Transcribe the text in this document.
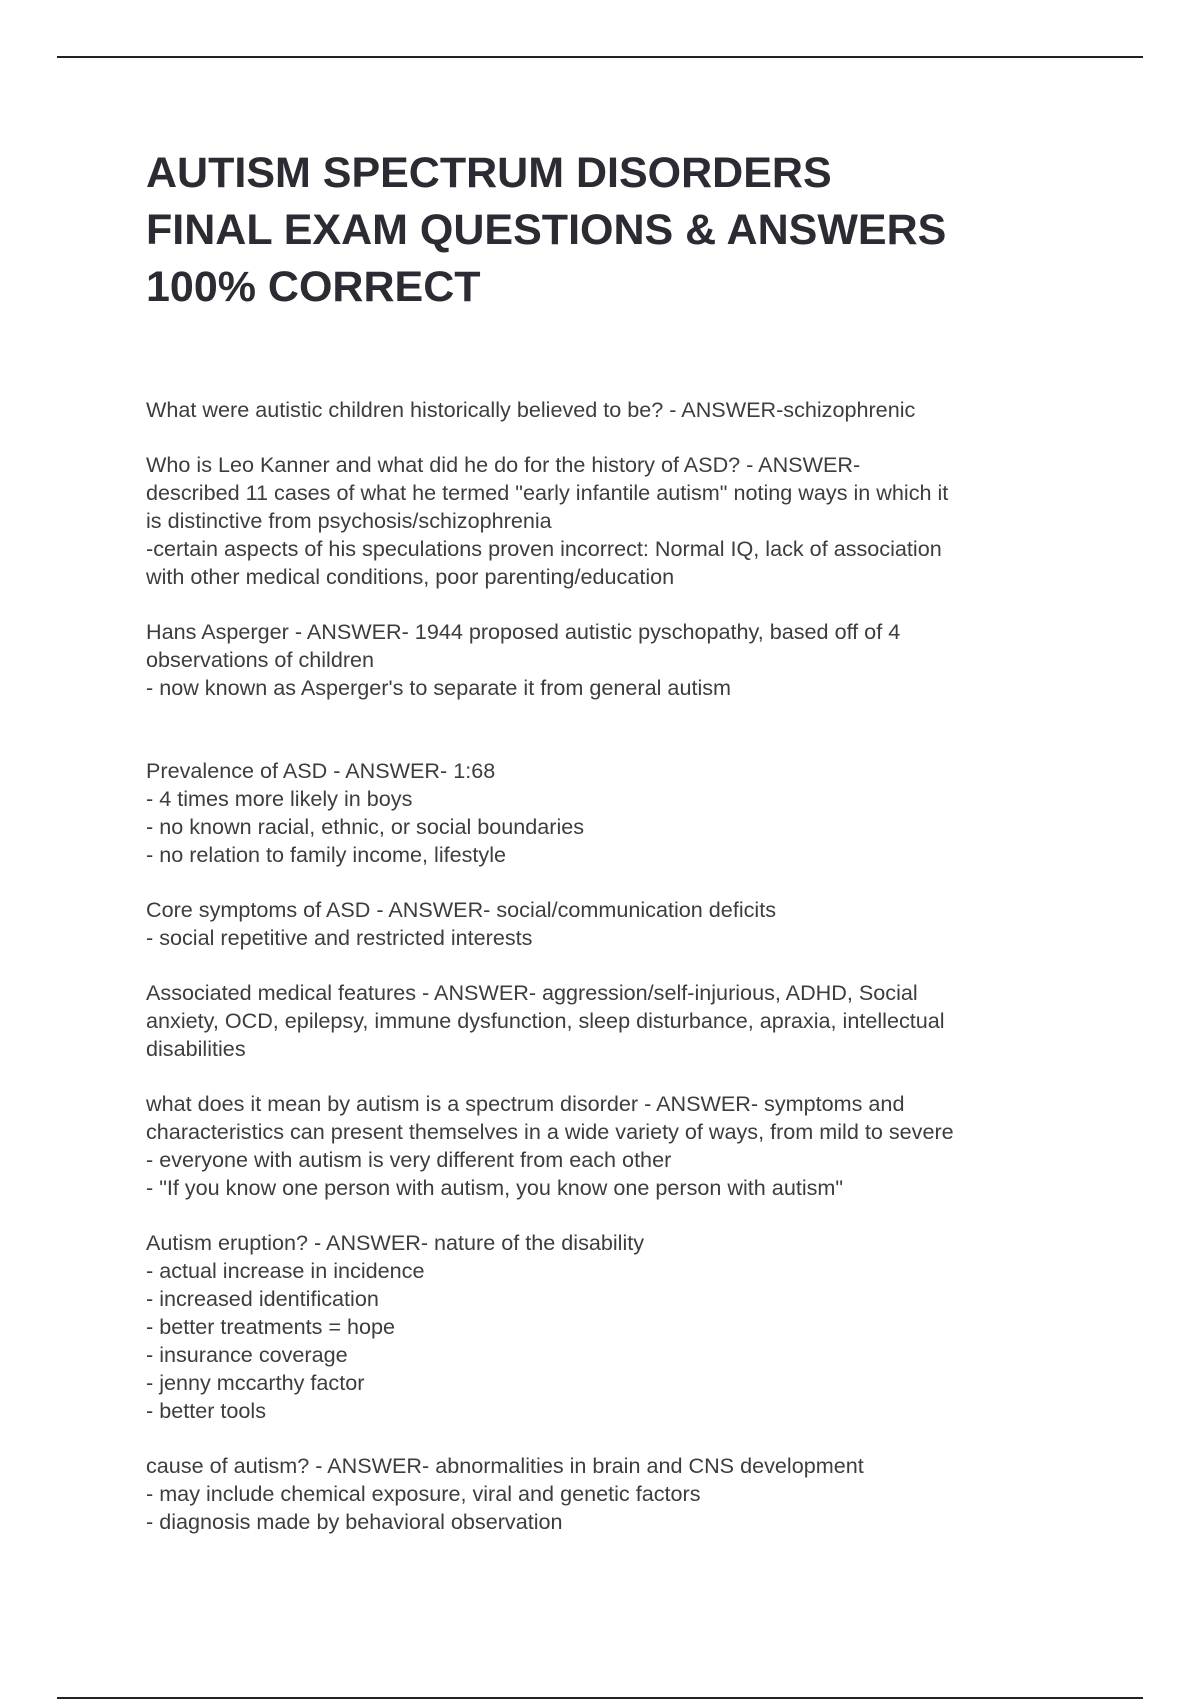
AUTISM SPECTRUM DISORDERS
FINAL EXAM QUESTIONS & ANSWERS
100% CORRECT

What were autistic children historically believed to be? - ANSWER-schizophrenic

Who is Leo Kanner and what did he do for the history of ASD? - ANSWER-
described 11 cases of what he termed "early infantile autism" noting ways in which it
is distinctive from psychosis/schizophrenia
-certain aspects of his speculations proven incorrect: Normal IQ, lack of association
with other medical conditions, poor parenting/education

Hans Asperger - ANSWER- 1944 proposed autistic pyschopathy, based off of 4
observations of children
- now known as Asperger's to separate it from general autism

Prevalence of ASD - ANSWER- 1:68
- 4 times more likely in boys
- no known racial, ethnic, or social boundaries
- no relation to family income, lifestyle

Core symptoms of ASD - ANSWER- social/communication deficits
- social repetitive and restricted interests

Associated medical features - ANSWER- aggression/self-injurious, ADHD, Social
anxiety, OCD, epilepsy, immune dysfunction, sleep disturbance, apraxia, intellectual
disabilities

what does it mean by autism is a spectrum disorder - ANSWER- symptoms and
characteristics can present themselves in a wide variety of ways, from mild to severe
- everyone with autism is very different from each other
- "If you know one person with autism, you know one person with autism"

Autism eruption? - ANSWER- nature of the disability
- actual increase in incidence
- increased identification
- better treatments = hope
- insurance coverage
- jenny mccarthy factor
- better tools

cause of autism? - ANSWER- abnormalities in brain and CNS development
- may include chemical exposure, viral and genetic factors
- diagnosis made by behavioral observation
